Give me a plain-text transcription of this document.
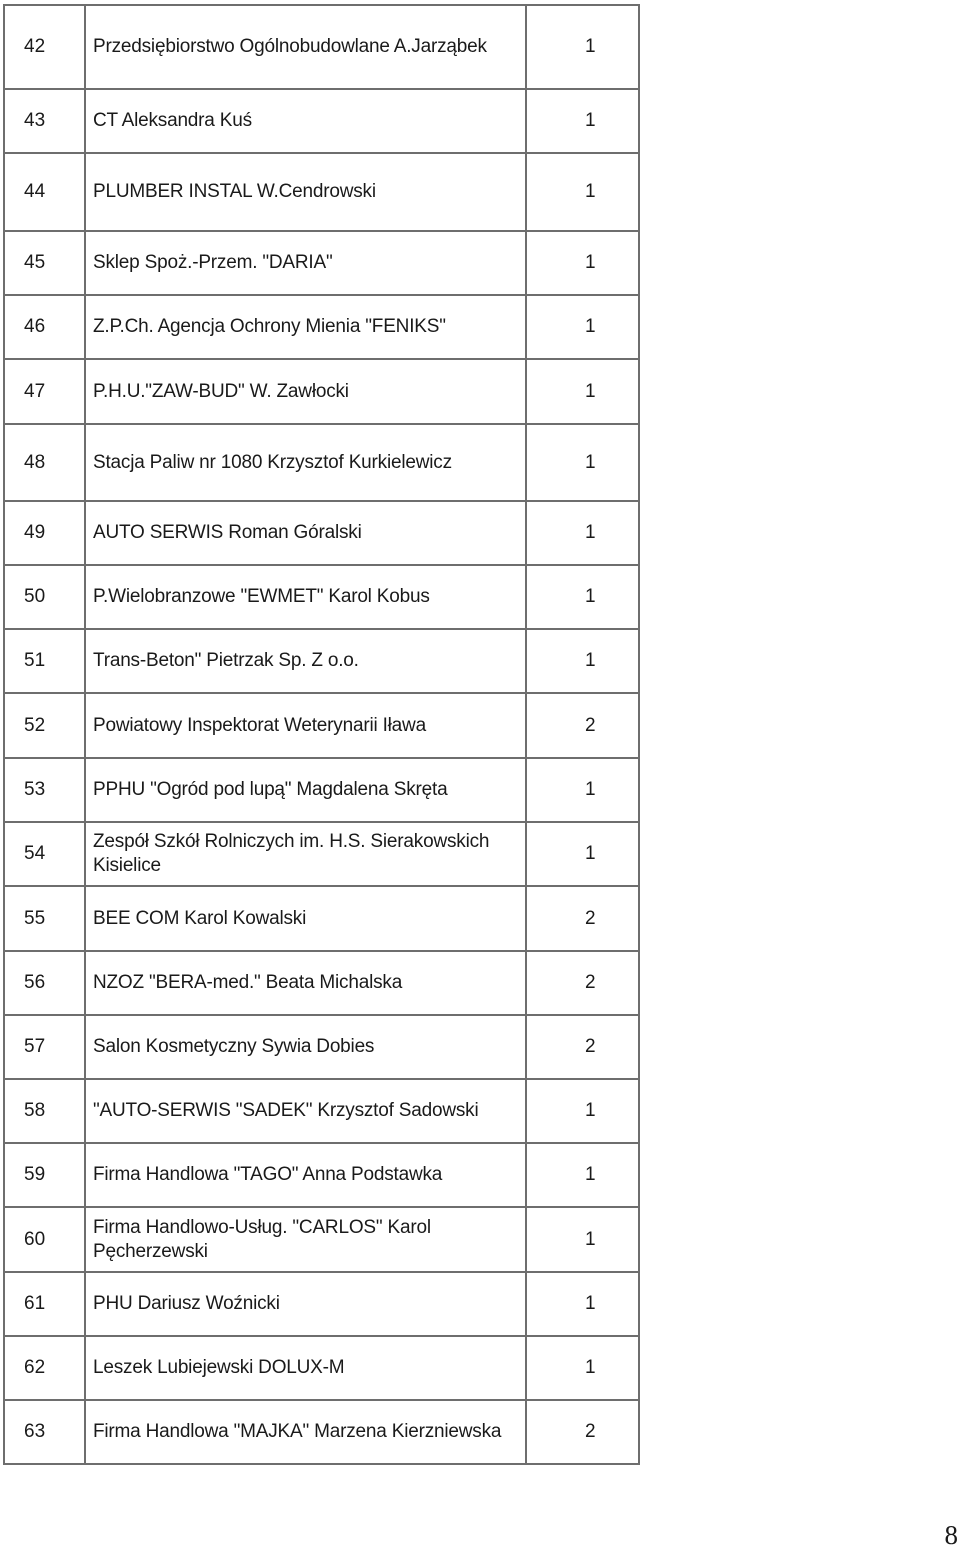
42	Przedsiębiorstwo Ogólnobudowlane A.Jarząbek	1
43	CT Aleksandra Kuś	1
44	PLUMBER INSTAL W.Cendrowski	1
45	Sklep Spoż.-Przem. "DARIA"	1
46	Z.P.Ch. Agencja Ochrony Mienia "FENIKS"	1
47	P.H.U."ZAW-BUD" W. Zawłocki	1
48	Stacja Paliw nr 1080 Krzysztof Kurkielewicz	1
49	AUTO SERWIS Roman Góralski	1
50	P.Wielobranzowe "EWMET" Karol Kobus	1
51	Trans-Beton" Pietrzak Sp. Z o.o.	1
52	Powiatowy Inspektorat Weterynarii Iława	2
53	PPHU "Ogród pod lupą" Magdalena Skręta	1
54	Zespół Szkół Rolniczych im. H.S. Sierakowskich Kisielice	1
55	BEE COM Karol Kowalski	2
56	NZOZ "BERA-med." Beata Michalska	2
57	Salon Kosmetyczny Sywia Dobies	2
58	"AUTO-SERWIS "SADEK" Krzysztof Sadowski	1
59	Firma Handlowa "TAGO" Anna Podstawka	1
60	Firma Handlowo-Usług. "CARLOS" Karol Pęcherzewski	1
61	PHU Dariusz Woźnicki	1
62	Leszek Lubiejewski DOLUX-M	1
63	Firma Handlowa "MAJKA" Marzena Kierzniewska	2
8
